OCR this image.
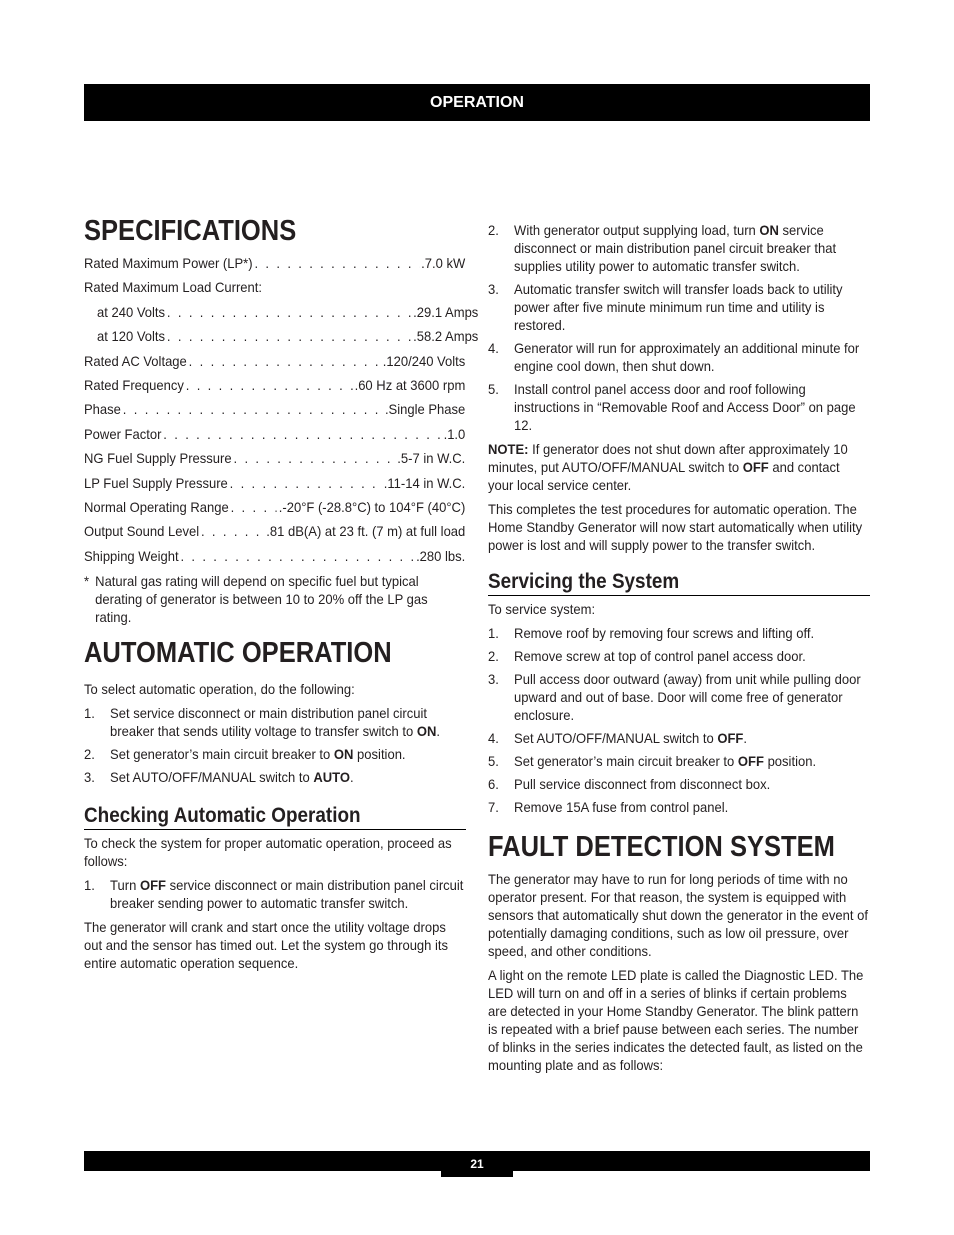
OPERATION
SPECIFICATIONS
Rated Maximum Power (LP*) . . .	.7.0 kW
Rated Maximum Load Current:
at 240 Volts . . .	.29.1 Amps
at 120 Volts . . .	.58.2 Amps
Rated AC Voltage . . .	.120/240 Volts
Rated Frequency . . .	.60 Hz at 3600 rpm
Phase . . .	.Single Phase
Power Factor . . .	.1.0
NG Fuel Supply Pressure . . .	.5-7 in W.C.
LP Fuel Supply Pressure . . .	.11-14 in W.C.
Normal Operating Range . . .	.-20°F (-28.8°C) to 104°F (40°C)
Output Sound Level . . .	.81 dB(A) at 23 ft. (7 m) at full load
Shipping Weight . . .	.280 lbs.
* Natural gas rating will depend on specific fuel but typical derating of generator is between 10 to 20% off the LP gas rating.
AUTOMATIC OPERATION

To select automatic operation, do the following:

1.	Set service disconnect or main distribution panel circuit breaker that sends utility voltage to transfer switch to ON.
2.	Set generator’s main circuit breaker to ON position.
3.	Set AUTO/OFF/MANUAL switch to AUTO.
Checking Automatic Operation

To check the system for proper automatic operation, proceed as follows:

1.	Turn OFF service disconnect or main distribution panel circuit breaker sending power to automatic transfer switch.

The generator will crank and start once the utility voltage drops out and the sensor has timed out. Let the system go through its entire automatic operation sequence.

2.	With generator output supplying load, turn ON service disconnect or main distribution panel circuit breaker that supplies utility power to automatic transfer switch.
3.	Automatic transfer switch will transfer loads back to utility power after five minute minimum run time and utility is restored.
4.	Generator will run for approximately an additional minute for engine cool down, then shut down.
5.	Install control panel access door and roof following instructions in “Removable Roof and Access Door” on page 12.

NOTE: If generator does not shut down after approximately 10 minutes, put AUTO/OFF/MANUAL switch to OFF and contact your local service center.

This completes the test procedures for automatic operation. The Home Standby Generator will now start automatically when utility power is lost and will supply power to the transfer switch.

Servicing the System

To service system:

1.	Remove roof by removing four screws and lifting off.
2.	Remove screw at top of control panel access door.
3.	Pull access door outward (away) from unit while pulling door upward and out of base. Door will come free of generator enclosure.
4.	Set AUTO/OFF/MANUAL switch to OFF.
5.	Set generator’s main circuit breaker to OFF position.
6.	Pull service disconnect from disconnect box.
7.	Remove 15A fuse from control panel.
FAULT DETECTION SYSTEM

The generator may have to run for long periods of time with no operator present. For that reason, the system is equipped with sensors that automatically shut down the generator in the event of potentially damaging conditions, such as low oil pressure, over speed, and other conditions.

A light on the remote LED plate is called the Diagnostic LED. The LED will turn on and off in a series of blinks if certain problems are detected in your Home Standby Generator. The blink pattern is repeated with a brief pause between each series. The number of blinks in the series indicates the detected fault, as listed on the mounting plate and as follows:

21
